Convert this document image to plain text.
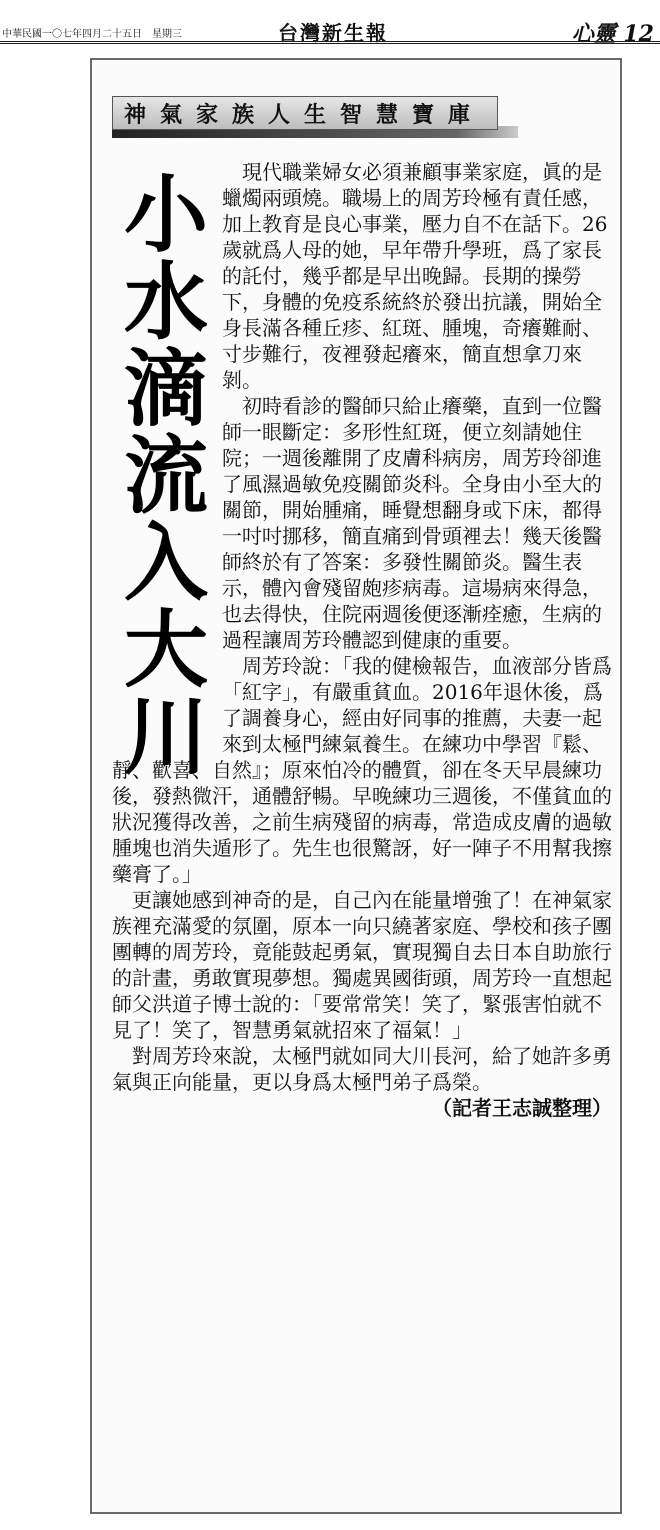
中華民國一〇七年四月二十五日　星期三	台灣新生報	心靈 12
神氣家族人生智慧寶庫
小
水
滴
流
入
大
川

現代職業婦女必須兼顧事業家庭，眞的是蠟燭兩頭燒。職場上的周芳玲極有責任感，加上教育是良心事業，壓力自不在話下。26歲就爲人母的她，早年帶升學班，爲了家長的託付，幾乎都是早出晚歸。長期的操勞下，身體的免疫系統終於發出抗議，開始全身長滿各種丘疹、紅斑、腫塊，奇癢難耐、寸步難行，夜裡發起癢來，簡直想拿刀來剝。

初時看診的醫師只給止癢藥，直到一位醫師一眼斷定：多形性紅斑，便立刻請她住院；一週後離開了皮膚科病房，周芳玲卻進了風濕過敏免疫關節炎科。全身由小至大的關節，開始腫痛，睡覺想翻身或下床，都得一吋吋挪移，簡直痛到骨頭裡去！幾天後醫師終於有了答案：多發性關節炎。醫生表示，體內會殘留皰疹病毒。這場病來得急，也去得快，住院兩週後便逐漸痊癒，生病的過程讓周芳玲體認到健康的重要。

周芳玲說：「我的健檢報告，血液部分皆爲「紅字」，有嚴重貧血。2016年退休後，爲了調養身心，經由好同事的推薦，夫妻一起來到太極門練氣養生。在練功中學習『鬆、靜、歡喜、自然』；原來怕冷的體質，卻在冬天早晨練功後，發熱微汗，通體舒暢。早晚練功三週後，不僅貧血的狀況獲得改善，之前生病殘留的病毒，常造成皮膚的過敏腫塊也消失遁形了。先生也很驚訝，好一陣子不用幫我擦藥膏了。」

更讓她感到神奇的是，自己內在能量增強了！在神氣家族裡充滿愛的氛圍，原本一向只繞著家庭、學校和孩子團團轉的周芳玲，竟能鼓起勇氣，實現獨自去日本自助旅行的計畫，勇敢實現夢想。獨處異國街頭，周芳玲一直想起師父洪道子博士說的：「要常常笑！笑了，緊張害怕就不見了！笑了，智慧勇氣就招來了福氣！」

對周芳玲來說，太極門就如同大川長河，給了她許多勇氣與正向能量，更以身爲太極門弟子爲榮。

（記者王志誠整理）
